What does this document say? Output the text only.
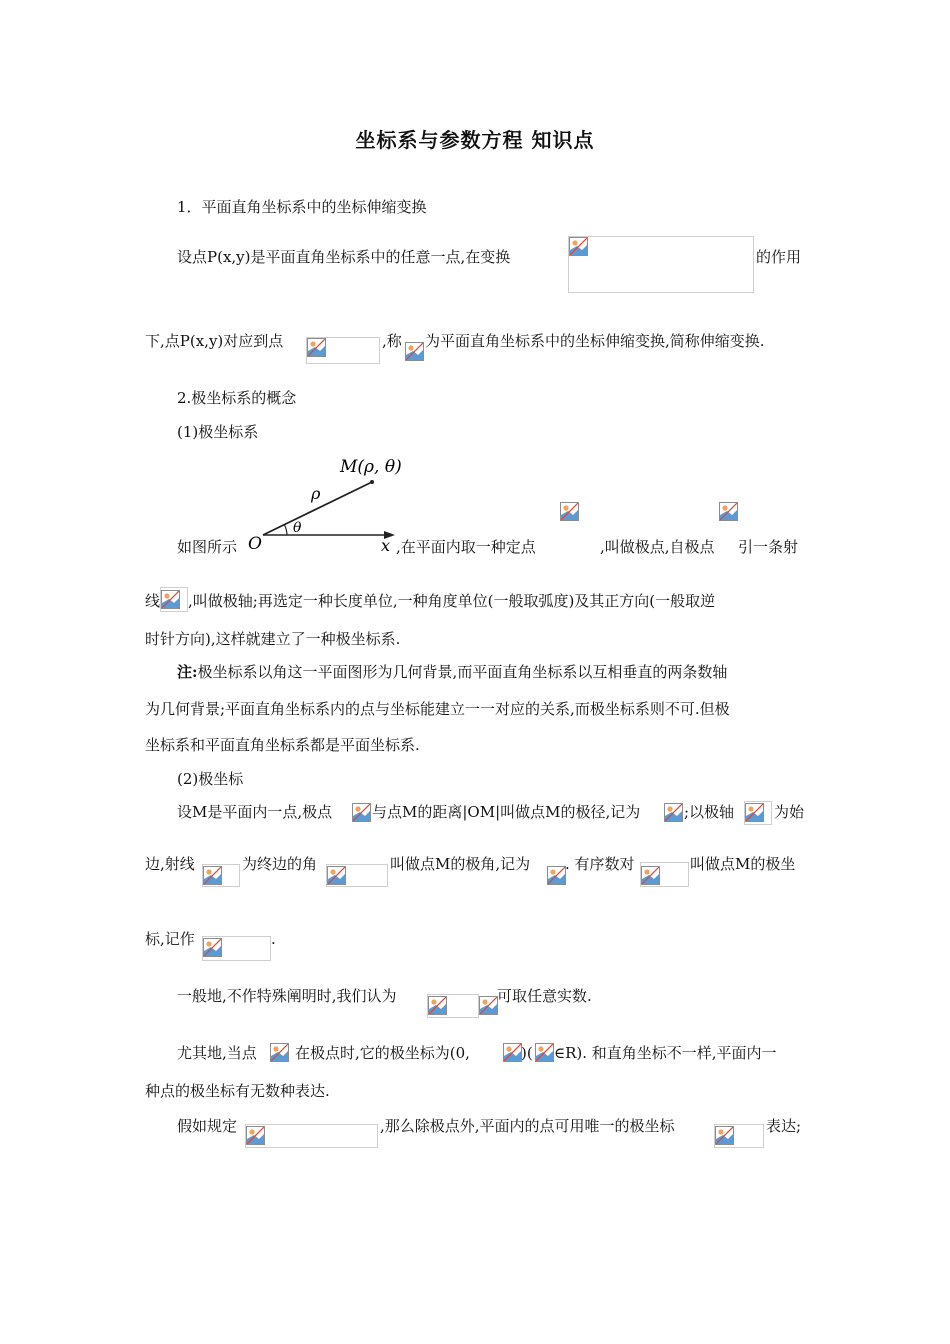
坐标系与参数方程 知识点
1．平面直角坐标系中的坐标伸缩变换
设点P(x,y)是平面直角坐标系中的任意一点,在变换	的作用
下,点P(x,y)对应到点	,称 为平面直角坐标系中的坐标伸缩变换,简称伸缩变换.
2.极坐标系的概念
(1)极坐标系
M(ρ, θ)
ρ
θ
O	x
如图所示	,在平面内取一种定点	,叫做极点,自极点 引一条射
线 ,叫做极轴;再选定一种长度单位,一种角度单位(一般取弧度)及其正方向(一般取逆
时针方向),这样就建立了一种极坐标系.
注:极坐标系以角这一平面图形为几何背景,而平面直角坐标系以互相垂直的两条数轴
为几何背景;平面直角坐标系内的点与坐标能建立一一对应的关系,而极坐标系则不可.但极
坐标系和平面直角坐标系都是平面坐标系.
(2)极坐标
设M是平面内一点,极点	与点M的距离|OM|叫做点M的极径,记为	;以极轴	为始
边,射线	为终边的角	叫做点M的极角,记为 . 有序数对	叫做点M的极坐
标,记作	.
一般地,不作特殊阐明时,我们认为	可取任意实数.
尤其地,当点	在极点时,它的极坐标为(0,	)( ∈R). 和直角坐标不一样,平面内一
种点的极坐标有无数种表达.
假如规定	,那么除极点外,平面内的点可用唯一的极坐标	表达;
